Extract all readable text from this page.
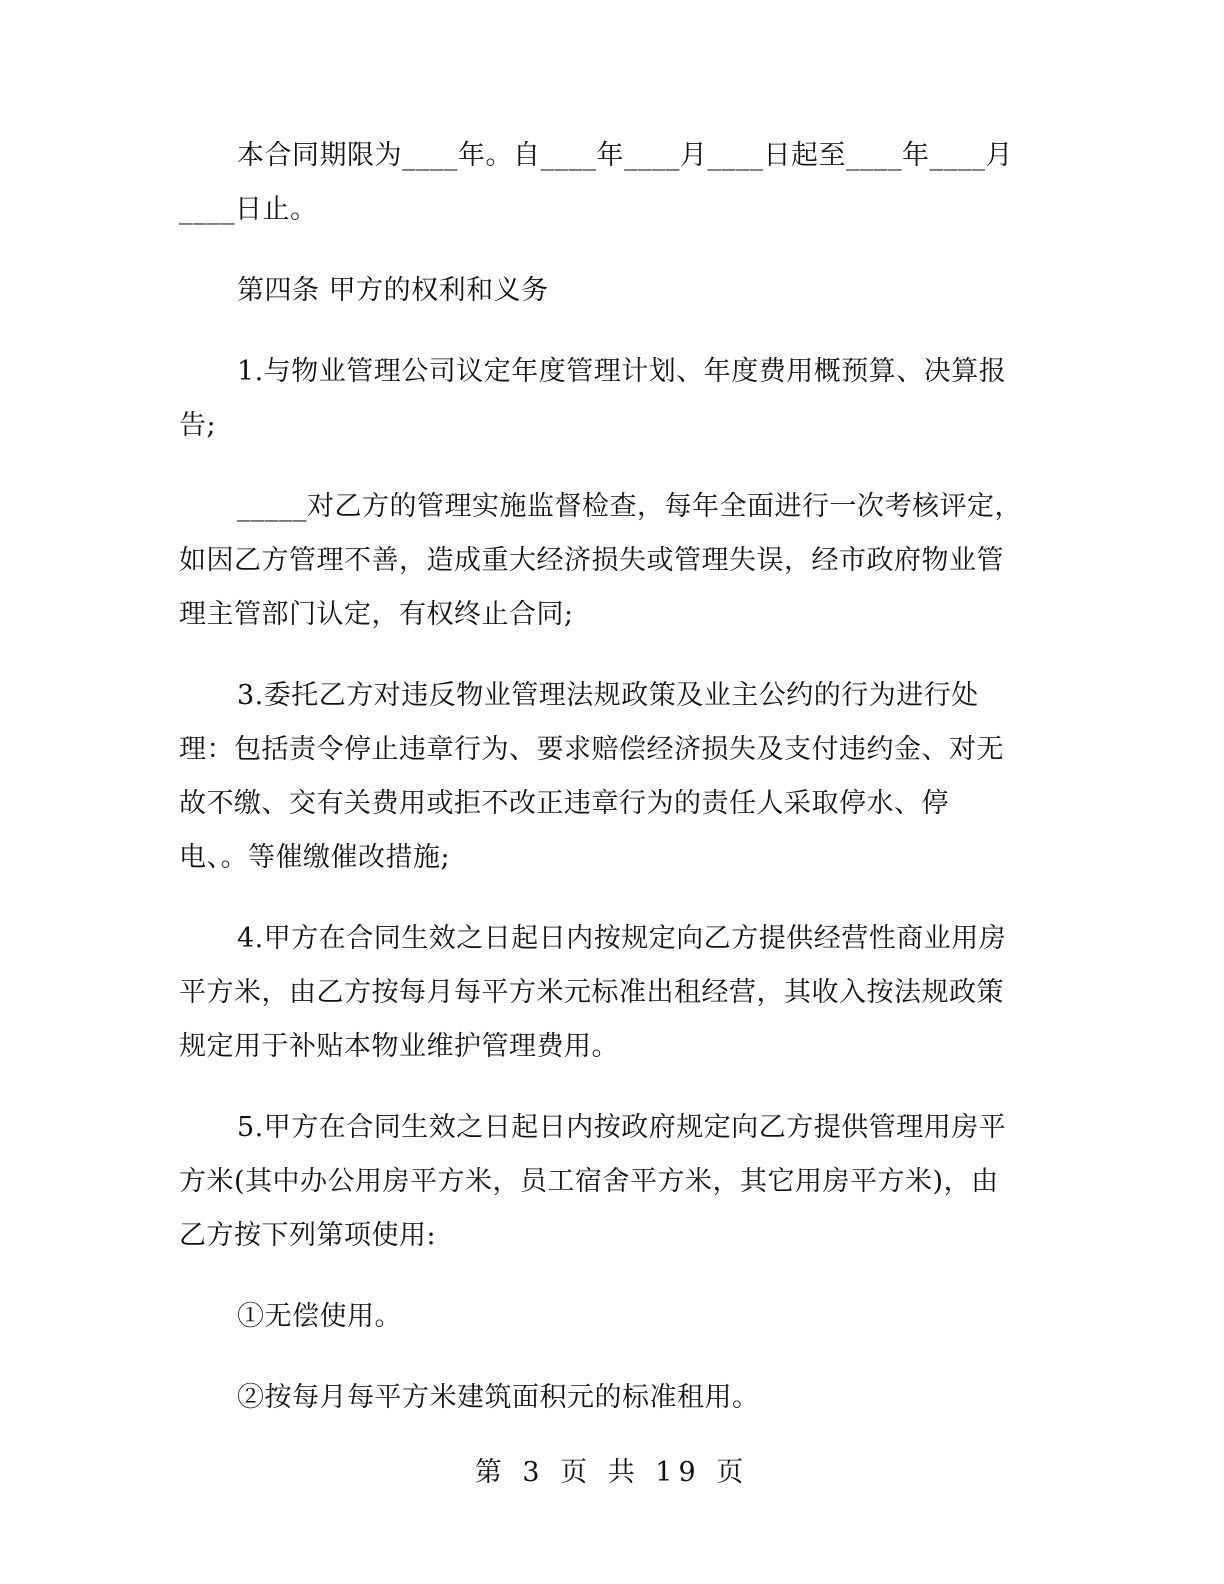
本合同期限为____年。自____年____月____日起至____年____月
____日止。
第四条 甲方的权利和义务
1.与物业管理公司议定年度管理计划、年度费用概预算、决算报
告;
_____对乙方的管理实施监督检查，每年全面进行一次考核评定，
如因乙方管理不善，造成重大经济损失或管理失误，经市政府物业管
理主管部门认定，有权终止合同;
3.委托乙方对违反物业管理法规政策及业主公约的行为进行处
理：包括责令停止违章行为、要求赔偿经济损失及支付违约金、对无
故不缴、交有关费用或拒不改正违章行为的责任人采取停水、停
电、。等催缴催改措施;
4.甲方在合同生效之日起日内按规定向乙方提供经营性商业用房
平方米，由乙方按每月每平方米元标准出租经营，其收入按法规政策
规定用于补贴本物业维护管理费用。
5.甲方在合同生效之日起日内按政府规定向乙方提供管理用房平
方米(其中办公用房平方米，员工宿舍平方米，其它用房平方米)，由
乙方按下列第项使用:
①无偿使用。
②按每月每平方米建筑面积元的标准租用。
第 3 页 共 19 页
